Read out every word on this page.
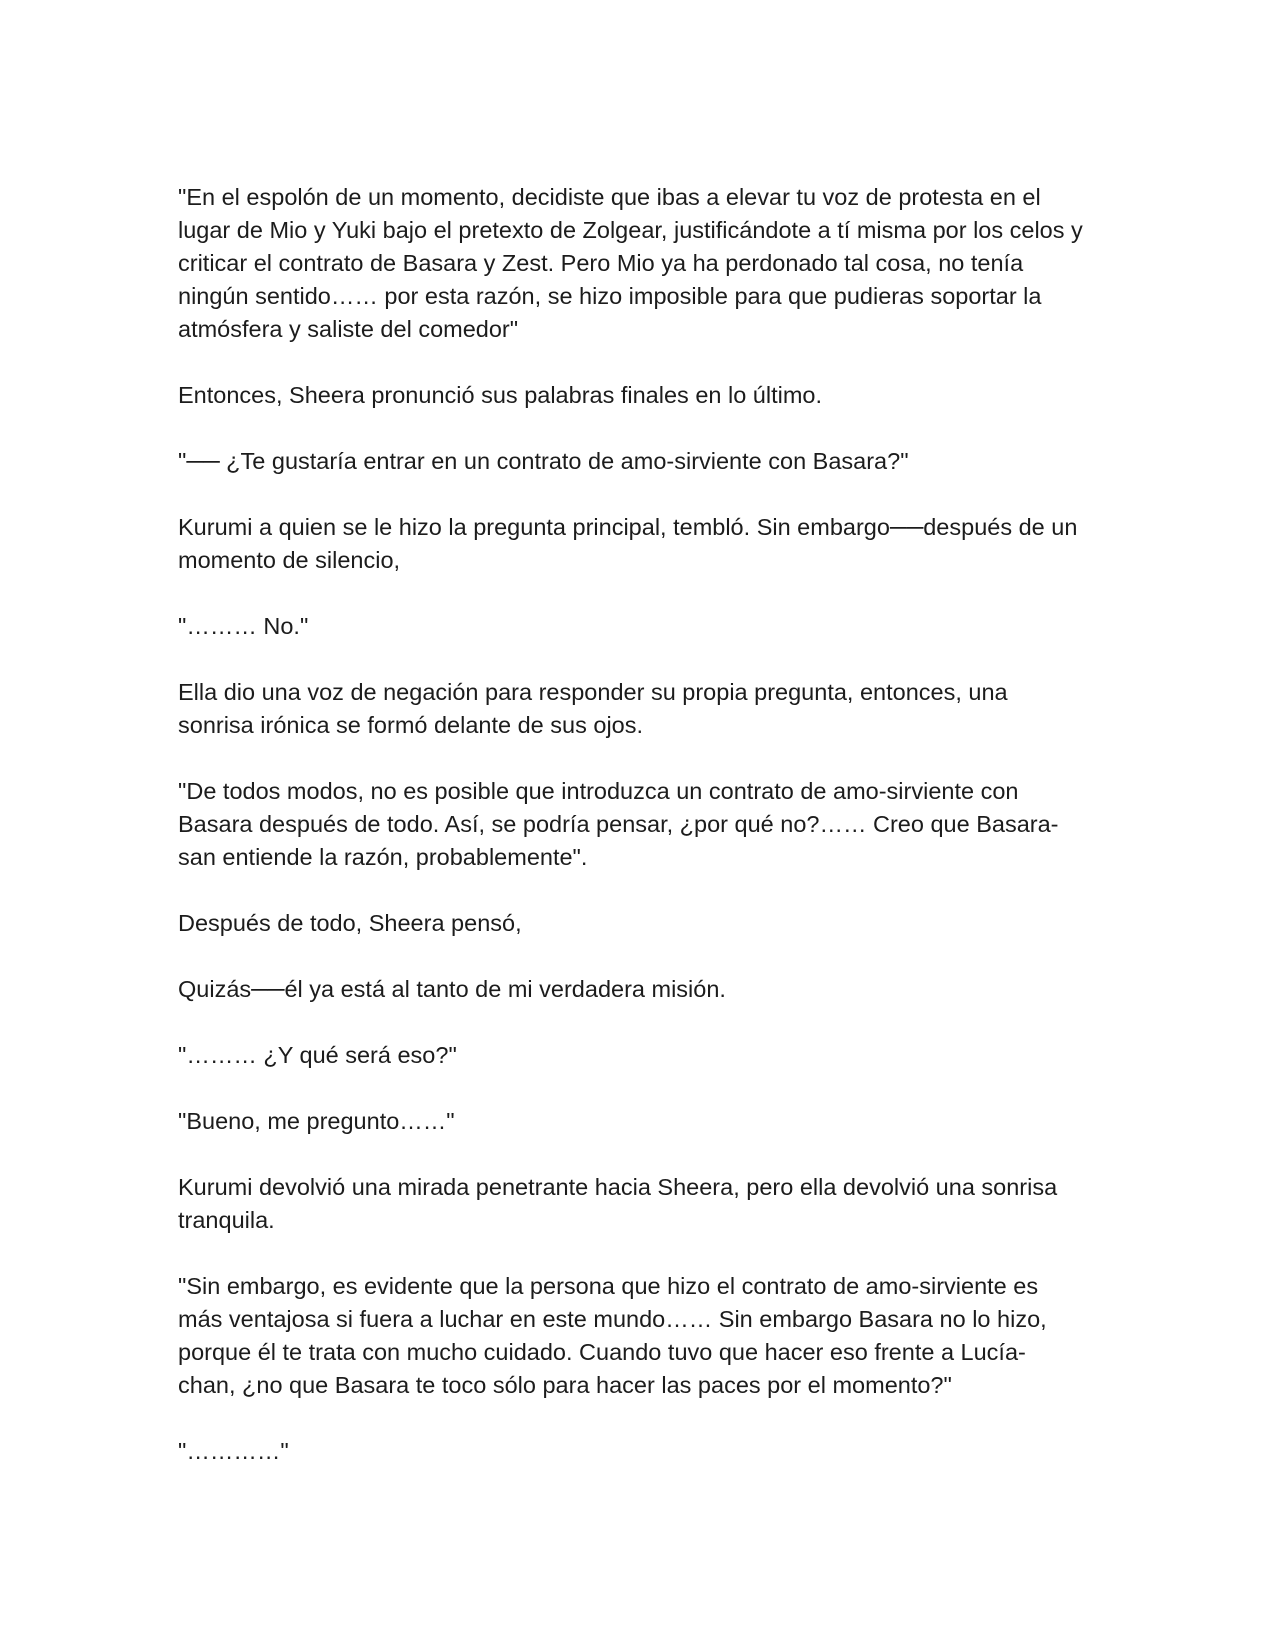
"En el espolón de un momento, decidiste que ibas a elevar tu voz de protesta en el lugar de Mio y Yuki bajo el pretexto de Zolgear, justificándote a tí misma por los celos y criticar el contrato de Basara y Zest. Pero Mio ya ha perdonado tal cosa, no tenía ningún sentido…… por esta razón, se hizo imposible para que pudieras soportar la atmósfera y saliste del comedor"

Entonces, Sheera pronunció sus palabras finales en lo último.

"── ¿Te gustaría entrar en un contrato de amo-sirviente con Basara?"

Kurumi a quien se le hizo la pregunta principal, tembló. Sin embargo──después de un momento de silencio,

"……… No."

Ella dio una voz de negación para responder su propia pregunta, entonces, una sonrisa irónica se formó delante de sus ojos.

"De todos modos, no es posible que introduzca un contrato de amo-sirviente con Basara después de todo. Así, se podría pensar, ¿por qué no?…… Creo que Basara-san entiende la razón, probablemente".

Después de todo, Sheera pensó,

Quizás──él ya está al tanto de mi verdadera misión.

"……… ¿Y qué será eso?"

"Bueno, me pregunto……"

Kurumi devolvió una mirada penetrante hacia Sheera, pero ella devolvió una sonrisa tranquila.

"Sin embargo, es evidente que la persona que hizo el contrato de amo-sirviente es más ventajosa si fuera a luchar en este mundo…… Sin embargo Basara no lo hizo, porque él te trata con mucho cuidado. Cuando tuvo que hacer eso frente a Lucía-chan, ¿no que Basara te toco sólo para hacer las paces por el momento?"

"…………"
